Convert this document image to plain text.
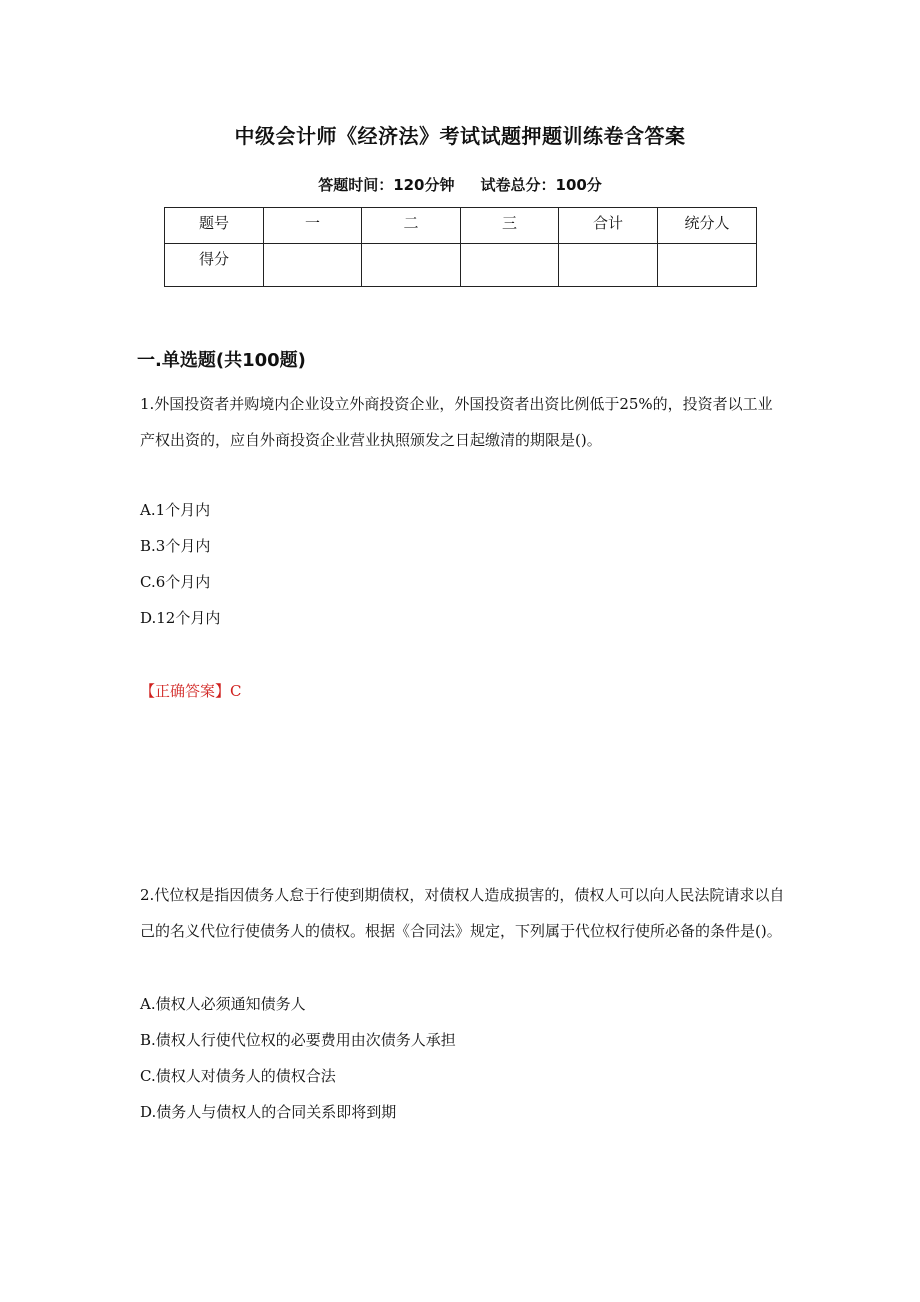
中级会计师《经济法》考试试题押题训练卷含答案
答题时间：120分钟 试卷总分：100分
题号	一	二	三	合计	统分人
得分					
一.单选题(共100题)
1.外国投资者并购境内企业设立外商投资企业，外国投资者出资比例低于25%的，投资者以工业产权出资的，应自外商投资企业营业执照颁发之日起缴清的期限是()。
A.1个月内
B.3个月内
C.6个月内
D.12个月内
【正确答案】C
2.代位权是指因债务人怠于行使到期债权，对债权人造成损害的，债权人可以向人民法院请求以自己的名义代位行使债务人的债权。根据《合同法》规定，下列属于代位权行使所必备的条件是()。
A.债权人必须通知债务人
B.债权人行使代位权的必要费用由次债务人承担
C.债权人对债务人的债权合法
D.债务人与债权人的合同关系即将到期
